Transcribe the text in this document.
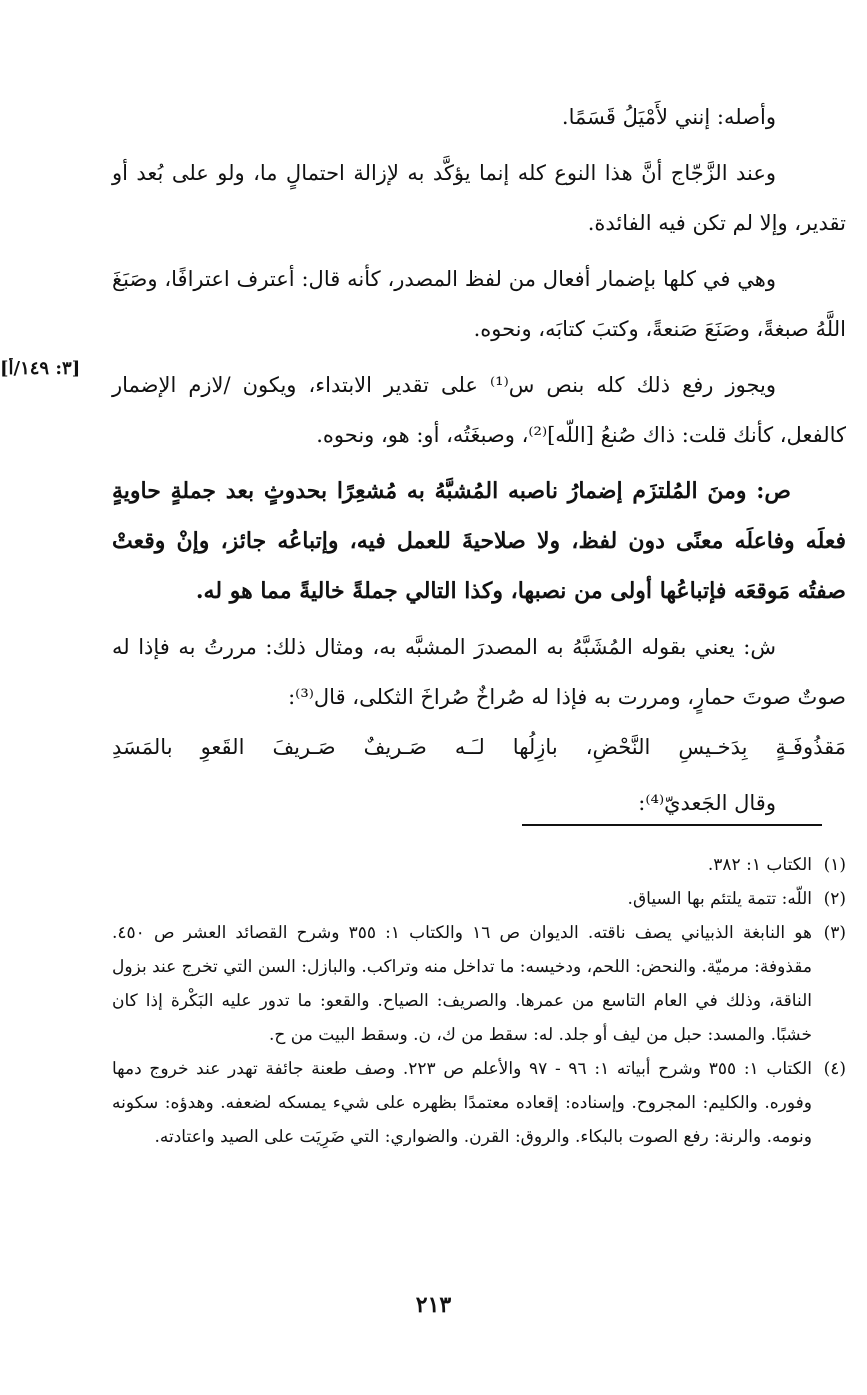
[٣: ١٤٩/أ]

وأصله: إنني لأَمْيَلُ قَسَمًا.

وعند الزَّجّاج أنَّ هذا النوع كله إنما يؤكَّد به لإزالة احتمالٍ ما، ولو على بُعد أو تقدير، وإلا لم تكن فيه الفائدة.

وهي في كلها بإضمار أفعال من لفظ المصدر، كأنه قال: أعترف اعترافًا، وصَبَغَ اللَّهُ صبغةً، وصَنَعَ صَنعةً، وكتبَ كتابَه، ونحوه.

ويجوز رفع ذلك كله بنص س⁽¹⁾ على تقدير الابتداء، ويكون /لازم الإضمار كالفعل، كأنك قلت: ذاك صُنعُ [اللّه]⁽²⁾، وصبغَتُه، أو: هو، ونحوه.

ص: ومنَ المُلتزَم إضمارُ ناصبه المُشبَّهُ به مُشعِرًا بحدوثٍ بعد جملةٍ حاويةٍ فعلَه وفاعلَه معنًى دون لفظ، ولا صلاحيةَ للعمل فيه، وإتباعُه جائز، وإنْ وقعتْ صفتُه مَوقعَه فإتباعُها أولى من نصبها، وكذا التالي جملةً خاليةً مما هو له.

ش: يعني بقوله المُشَبَّهُ به المصدرَ المشبَّه به، ومثال ذلك: مررتُ به فإذا له صوتٌ صوتَ حمارٍ، ومررت به فإذا له صُراخٌ صُراخَ الثكلى، قال⁽³⁾:

مَقذُوفَـةٍ بِدَخـيسِ النَّحْضِ، بازِلُها لـَـه صَـريفٌ صَـريفَ القَعوِ بالمَسَدِ

وقال الجَعديّ⁽⁴⁾:

(١)
الكتاب ١: ٣٨٢.
(٢)
اللّه: تتمة يلتئم بها السياق.
(٣)
هو النابغة الذبياني يصف ناقته. الديوان ص ١٦ والكتاب ١: ٣٥٥ وشرح القصائد العشر ص ٤٥٠. مقذوفة: مرميّة. والنحض: اللحم، ودخيسه: ما تداخل منه وتراكب. والبازل: السن التي تخرج عند بزول الناقة، وذلك في العام التاسع من عمرها. والصريف: الصياح. والقعو: ما تدور عليه البَكْرة إذا كان خشبًا. والمسد: حبل من ليف أو جلد. له: سقط من ك، ن. وسقط البيت من ح.
(٤)
الكتاب ١: ٣٥٥ وشرح أبياته ١: ٩٦ - ٩٧ والأعلم ص ٢٢٣. وصف طعنة جائفة تهدر عند خروج دمها وفوره. والكليم: المجروح. وإسناده: إقعاده معتمدًا بظهره على شيء يمسكه لضعفه. وهدؤه: سكونه ونومه. والرنة: رفع الصوت بالبكاء. والروق: القرن. والضواري: التي ضَرِيَت على الصيد واعتادته.
٢١٣
